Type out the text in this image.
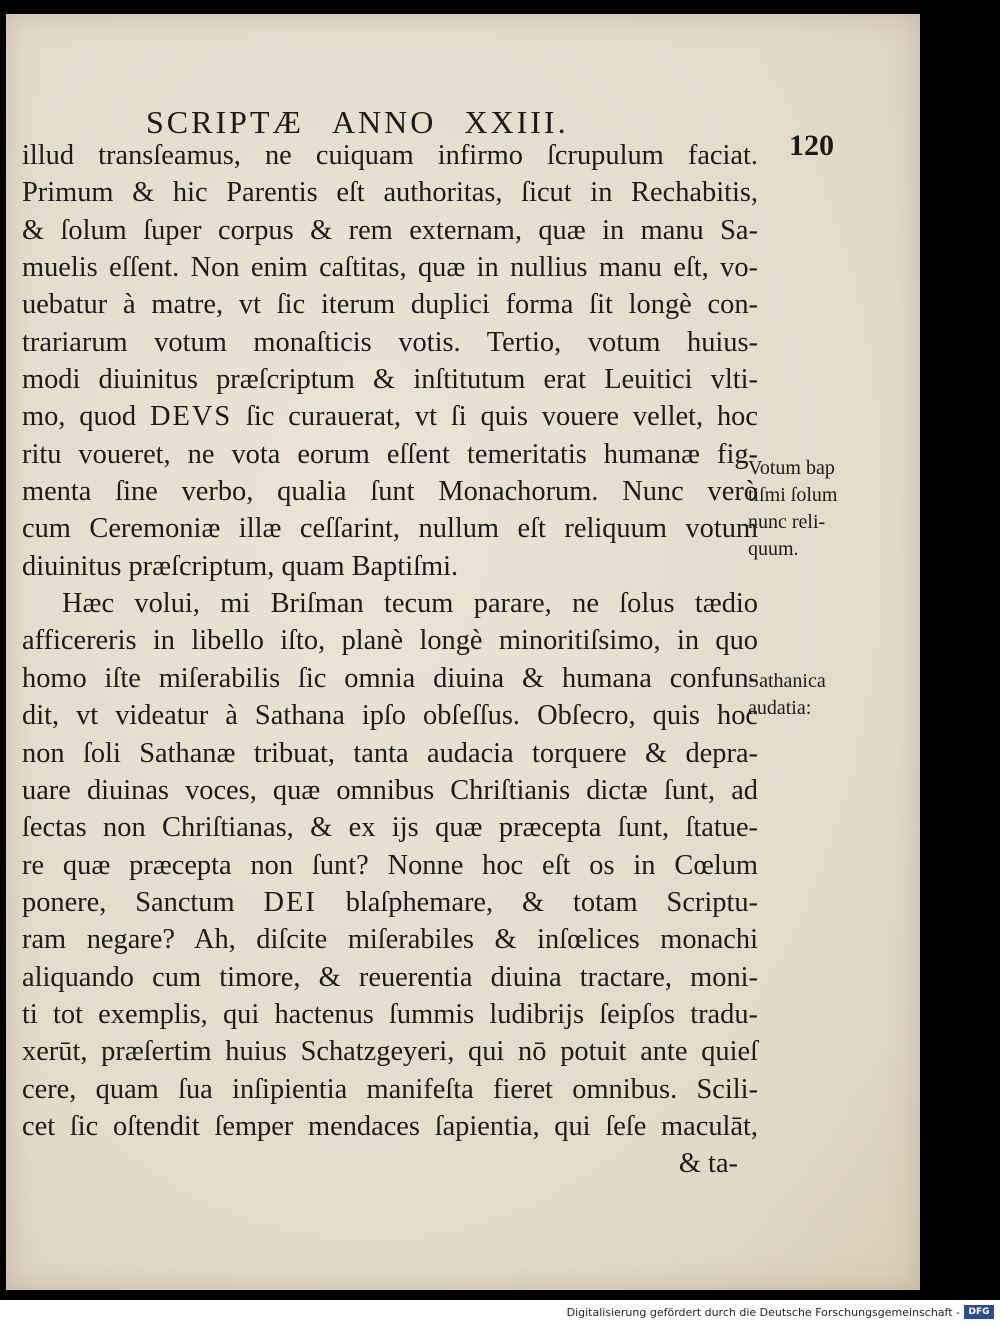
SCRIPTÆ ANNO XXIII.
120
illud transſeamus, ne cuiquam infirmo ſcrupulum faciat.
Primum & hic Parentis eſt authoritas, ſicut in Rechabitis,
& ſolum ſuper corpus & rem externam, quæ in manu Sa-
muelis eſſent. Non enim caſtitas, quæ in nullius manu eſt, vo-
uebatur à matre, vt ſic iterum duplici forma ſit longè con-
trariarum votum monaſticis votis. Tertio, votum huius-
modi diuinitus præſcriptum & inſtitutum erat Leuitici vlti-
mo, quod DEVS ſic curauerat, vt ſi quis vouere vellet, hoc
ritu voueret, ne vota eorum eſſent temeritatis humanæ fig-
menta ſine verbo, qualia ſunt Monachorum. Nunc verò
cum Ceremoniæ illæ ceſſarint, nullum eſt reliquum votum
diuinitus præſcriptum, quam Baptiſmi.
Hæc volui, mi Briſman tecum parare, ne ſolus tædio
afficereris in libello iſto, planè longè minoritiſsimo, in quo
homo iſte miſerabilis ſic omnia diuina & humana confun-
dit, vt videatur à Sathana ipſo obſeſſus. Obſecro, quis hoc
non ſoli Sathanæ tribuat, tanta audacia torquere & depra-
uare diuinas voces, quæ omnibus Chriſtianis dictæ ſunt, ad
ſectas non Chriſtianas, & ex ijs quæ præcepta ſunt, ſtatue-
re quæ præcepta non ſunt? Nonne hoc eſt os in Cœlum
ponere, Sanctum DEI blaſphemare, & totam Scriptu-
ram negare? Ah, diſcite miſerabiles & inſœlices monachi
aliquando cum timore, & reuerentia diuina tractare, moni-
ti tot exemplis, qui hactenus ſummis ludibrijs ſeipſos tradu-
xerūt, præſertim huius Schatzgeyeri, qui nō potuit ante quieſ
cere, quam ſua inſipientia manifeſta fieret omnibus. Scili-
cet ſic oſtendit ſemper mendaces ſapientia, qui ſeſe maculāt,
& ta-
Votum bap
tiſmi ſolum
nunc reli-
quum.
Sathanica
audatia:
Digitalisierung gefördert durch die Deutsche Forschungsgemeinschaft - DFG
